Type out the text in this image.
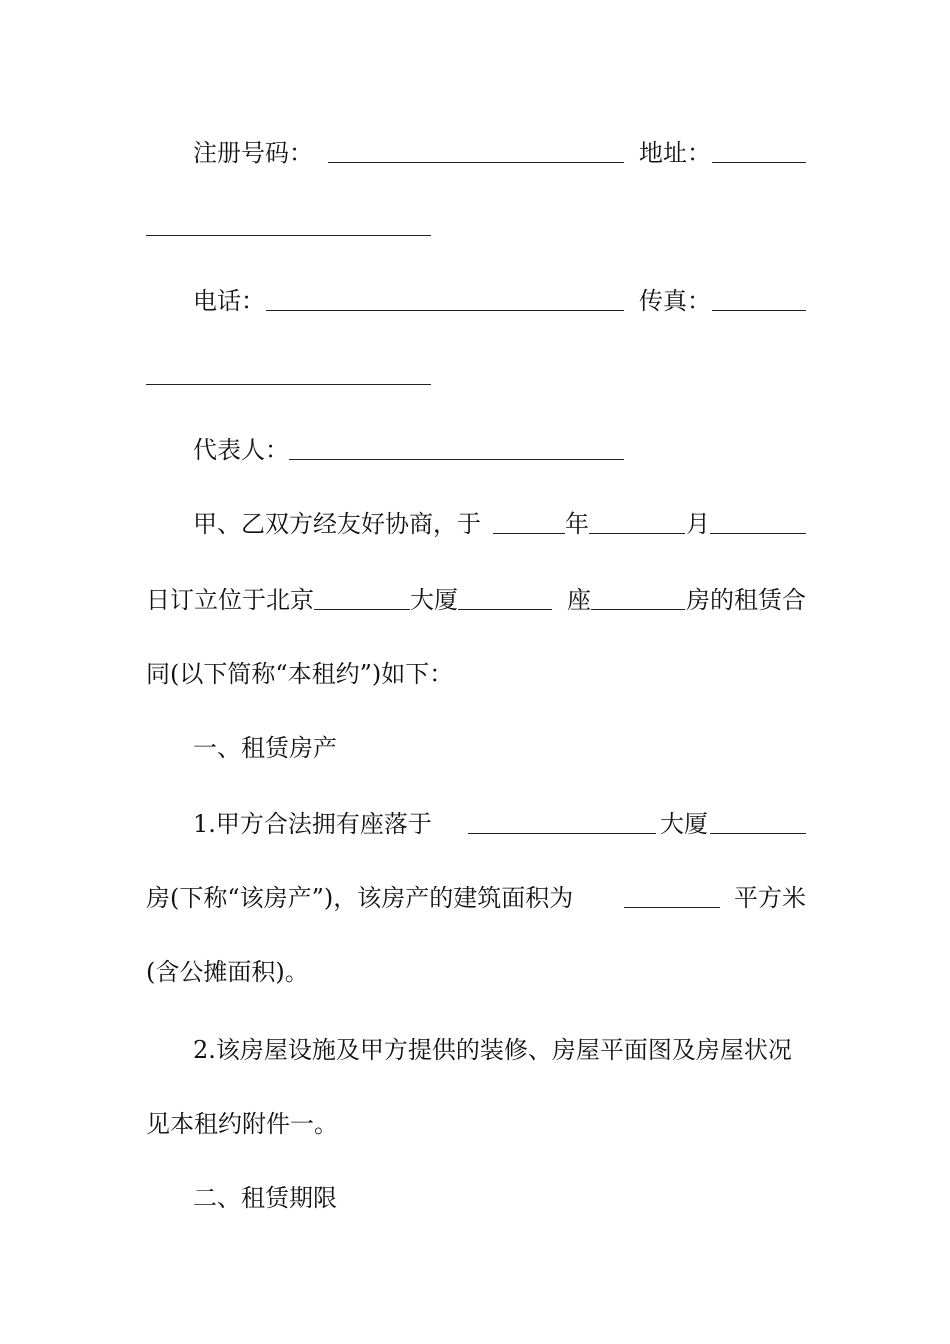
注册号码：	地址：
电话：	传真：
代表人：
甲、乙双方经友好协商，于	年	月
日订立位于北京	大厦	座	房的租赁合
同(以下简称“本租约”)如下：
一、租赁房产
1.甲方合法拥有座落于	大厦
房(下称“该房产”)，该房产的建筑面积为	平方米
(含公摊面积)。
2.该房屋设施及甲方提供的装修、房屋平面图及房屋状况
见本租约附件一。
二、租赁期限
